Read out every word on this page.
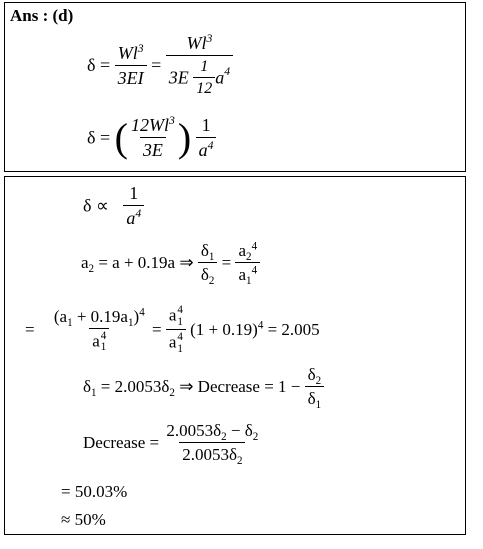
Ans : (d)
$\delta = \frac{Wl^3}{3EI} = \frac{Wl^3}{3E \frac{1}{12} a^4}$
δ = ( $\frac{12Wl^3}{3E}$ ) $\frac{1}{a^4}$
$\delta \propto \frac{1}{a^4}$
$a_2 = a + 0.19a$ ⇒ $\frac{\delta_1}{\delta_2} = \frac{a_2^4}{a_1^4}$
= $(a_1 + 0.19a_1)^4$
a 4
1 = a 4
1
a 4
1 $(1 + 0.19)^4 = 2.005$
$\delta_1 = 2.0053\delta_2$ ⇒ Decrease = $1 - \frac{\delta_2}{\delta_1}$
Decrease = $\frac{2.0053\delta_2 - \delta_2}{2.0053\delta_2}$
= 50.03%
≈ 50%
